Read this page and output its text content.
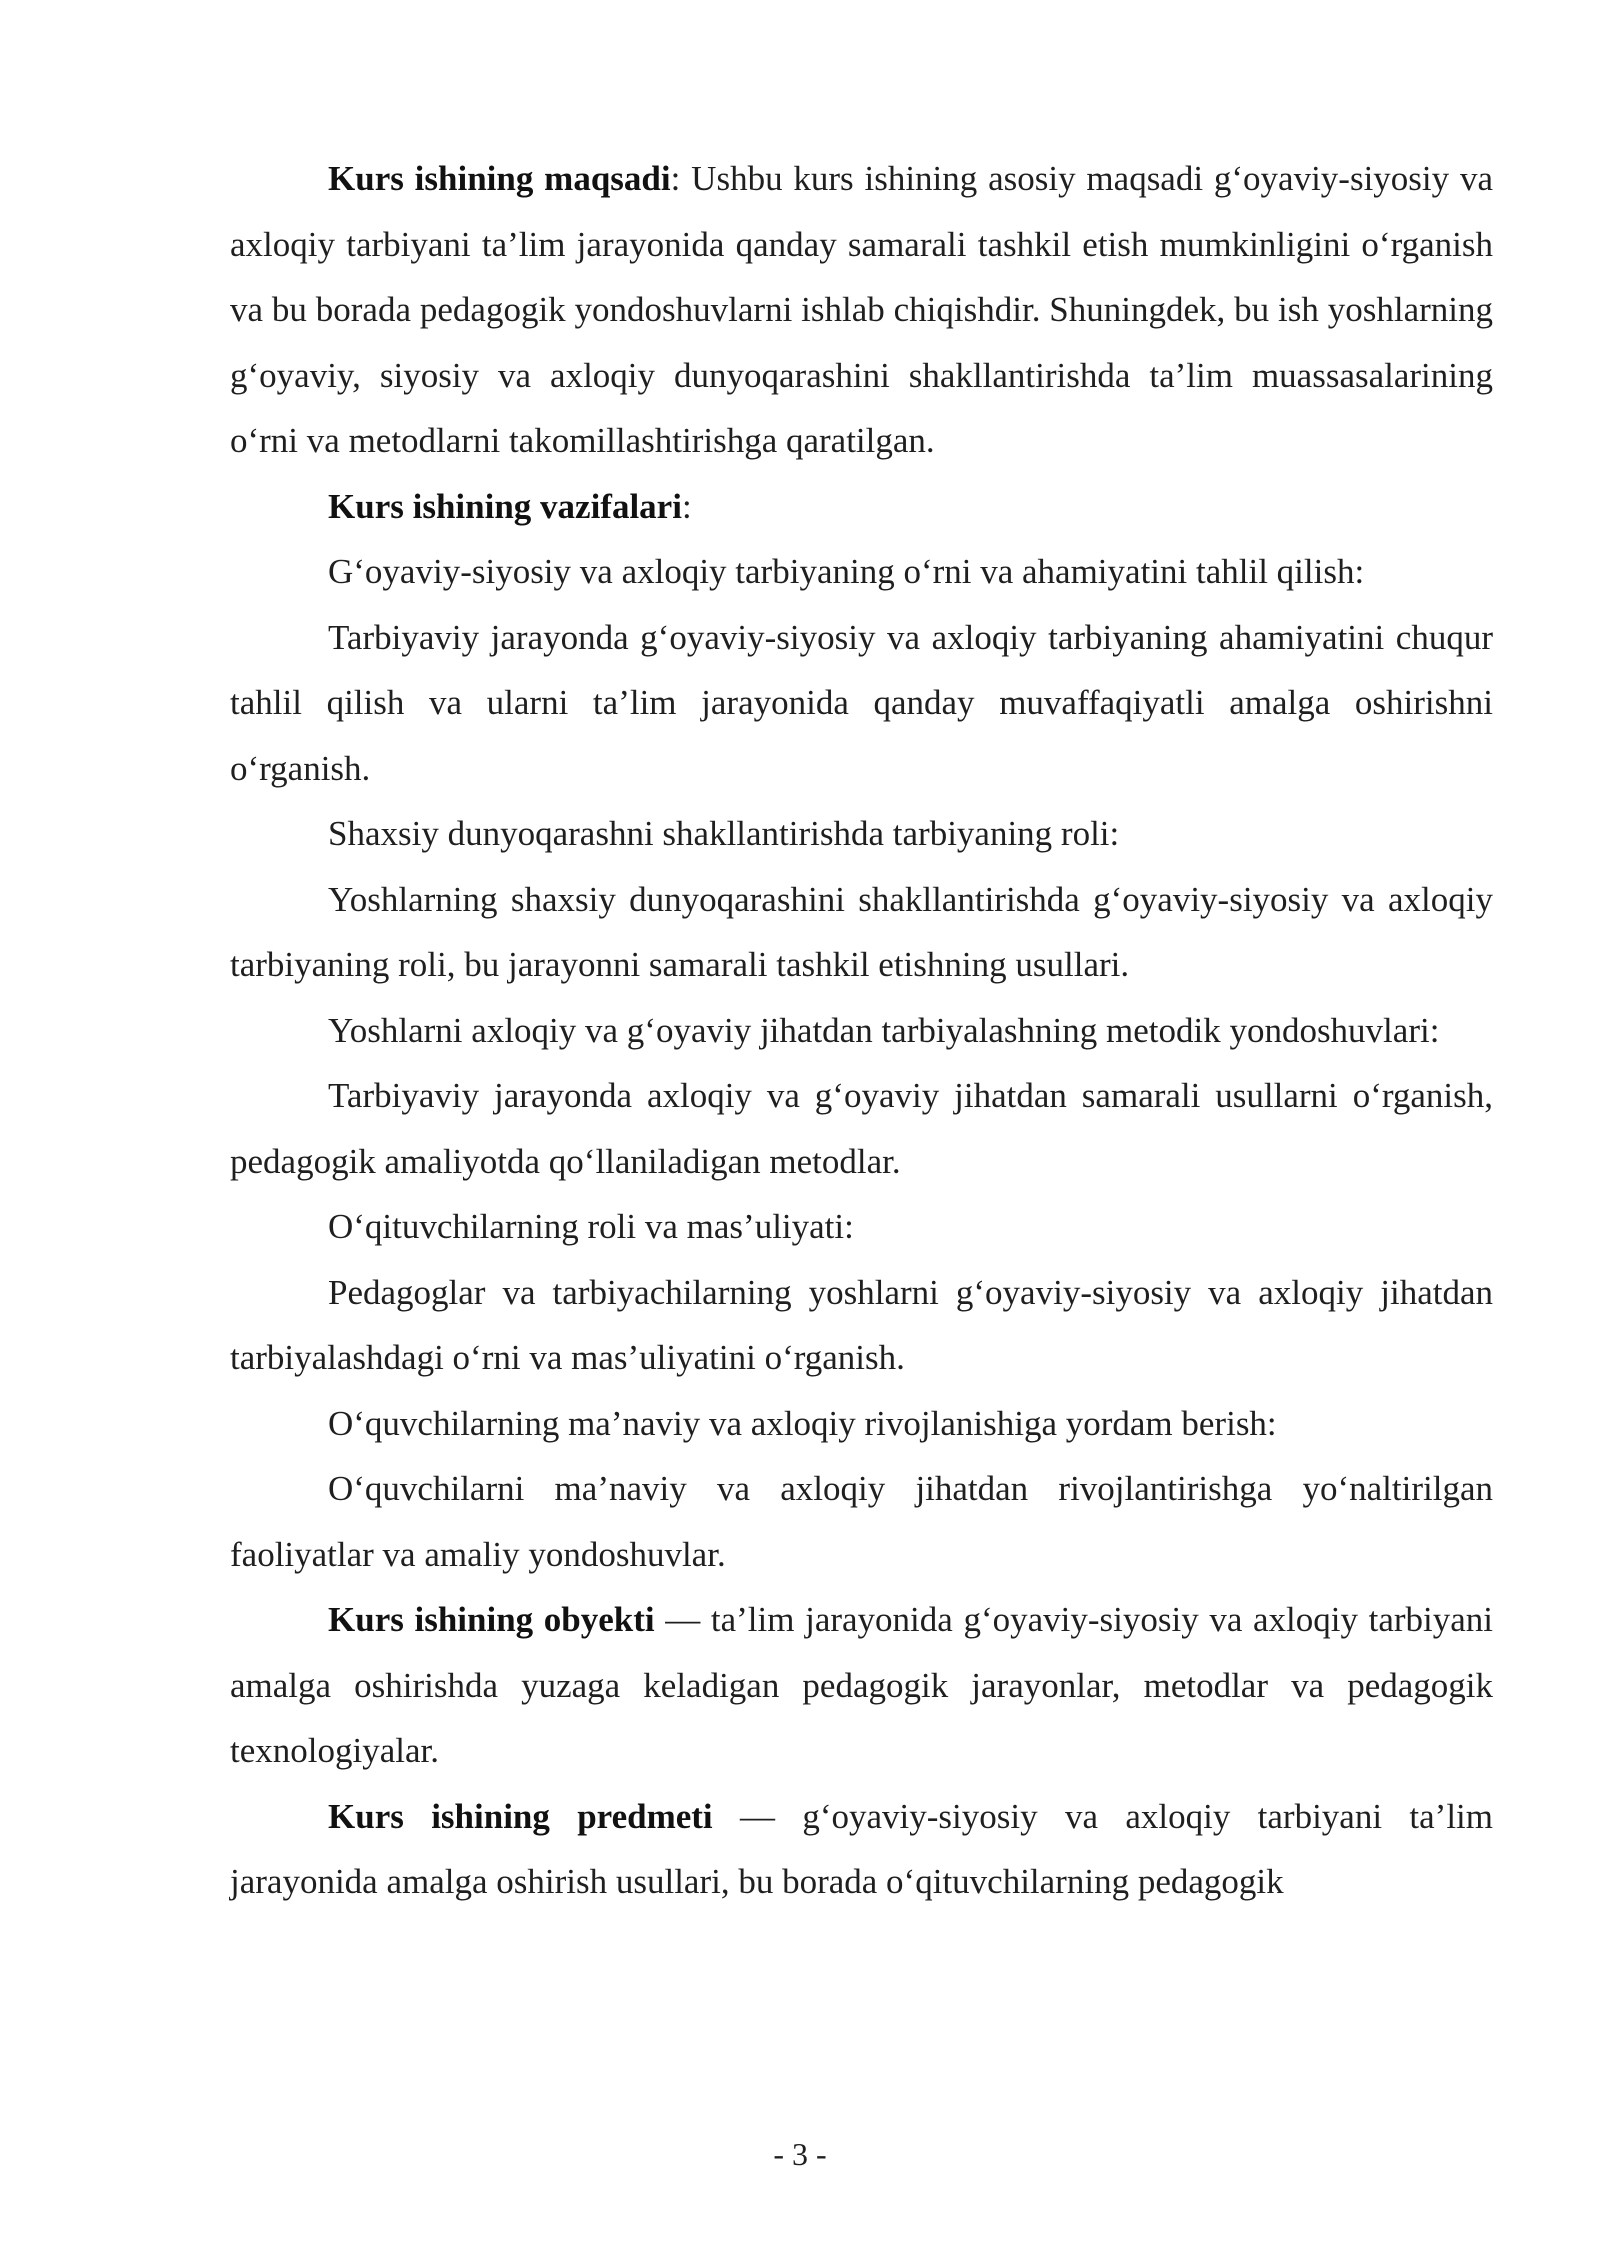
Kurs ishining maqsadi: Ushbu kurs ishining asosiy maqsadi g‘oyaviy-siyosiy va axloqiy tarbiyani ta’lim jarayonida qanday samarali tashkil etish mumkinligini o‘rganish va bu borada pedagogik yondoshuvlarni ishlab chiqishdir. Shuningdek, bu ish yoshlarning g‘oyaviy, siyosiy va axloqiy dunyoqarashini shakllantirishda ta’lim muassasalarining o‘rni va metodlarni takomillashtirishga qaratilgan.

Kurs ishining vazifalari:

G‘oyaviy-siyosiy va axloqiy tarbiyaning o‘rni va ahamiyatini tahlil qilish:

Tarbiyaviy jarayonda g‘oyaviy-siyosiy va axloqiy tarbiyaning ahamiyatini chuqur tahlil qilish va ularni ta’lim jarayonida qanday muvaffaqiyatli amalga oshirishni o‘rganish.

Shaxsiy dunyoqarashni shakllantirishda tarbiyaning roli:

Yoshlarning shaxsiy dunyoqarashini shakllantirishda g‘oyaviy-siyosiy va axloqiy tarbiyaning roli, bu jarayonni samarali tashkil etishning usullari.

Yoshlarni axloqiy va g‘oyaviy jihatdan tarbiyalashning metodik yondoshuvlari:

Tarbiyaviy jarayonda axloqiy va g‘oyaviy jihatdan samarali usullarni o‘rganish, pedagogik amaliyotda qo‘llaniladigan metodlar.

O‘qituvchilarning roli va mas’uliyati:

Pedagoglar va tarbiyachilarning yoshlarni g‘oyaviy-siyosiy va axloqiy jihatdan tarbiyalashdagi o‘rni va mas’uliyatini o‘rganish.

O‘quvchilarning ma’naviy va axloqiy rivojlanishiga yordam berish:

O‘quvchilarni ma’naviy va axloqiy jihatdan rivojlantirishga yo‘naltirilgan faoliyatlar va amaliy yondoshuvlar.

Kurs ishining obyekti — ta’lim jarayonida g‘oyaviy-siyosiy va axloqiy tarbiyani amalga oshirishda yuzaga keladigan pedagogik jarayonlar, metodlar va pedagogik texnologiyalar.

Kurs ishining predmeti — g‘oyaviy-siyosiy va axloqiy tarbiyani ta’lim jarayonida amalga oshirish usullari, bu borada o‘qituvchilarning pedagogik

- 3 -
